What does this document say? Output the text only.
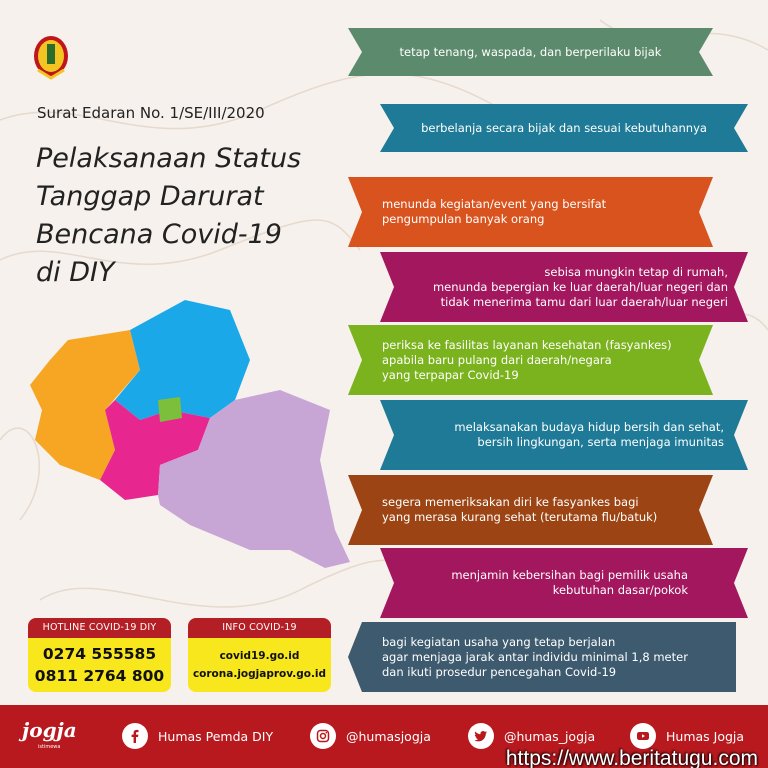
Surat Edaran No. 1/SE/III/2020
Pelaksanaan Status
Tanggap Darurat
Bencana Covid-19
di DIY
tetap tenang, waspada, dan berperilaku bijak
berbelanja secara bijak dan sesuai kebutuhannya
menunda kegiatan/event yang bersifat
pengumpulan banyak orang
sebisa mungkin tetap di rumah,
menunda bepergian ke luar daerah/luar negeri dan
tidak menerima tamu dari luar daerah/luar negeri
periksa ke fasilitas layanan kesehatan (fasyankes)
apabila baru pulang dari daerah/negara
yang terpapar Covid-19
melaksanakan budaya hidup bersih dan sehat,
bersih lingkungan, serta menjaga imunitas
segera memeriksakan diri ke fasyankes bagi
yang merasa kurang sehat (terutama flu/batuk)
menjamin kebersihan bagi pemilik usaha
kebutuhan dasar/pokok
bagi kegiatan usaha yang tetap berjalan
agar menjaga jarak antar individu minimal 1,8 meter
dan ikuti prosedur pencegahan Covid-19
HOTLINE COVID-19 DIY
0274 555585
0811 2764 800
INFO COVID-19
covid19.go.id
corona.jogjaprov.go.id
jogja
istimewa
Humas Pemda DIY	@humasjogja	@humas_jogja	Humas Jogja
https://www.beritatugu.com
